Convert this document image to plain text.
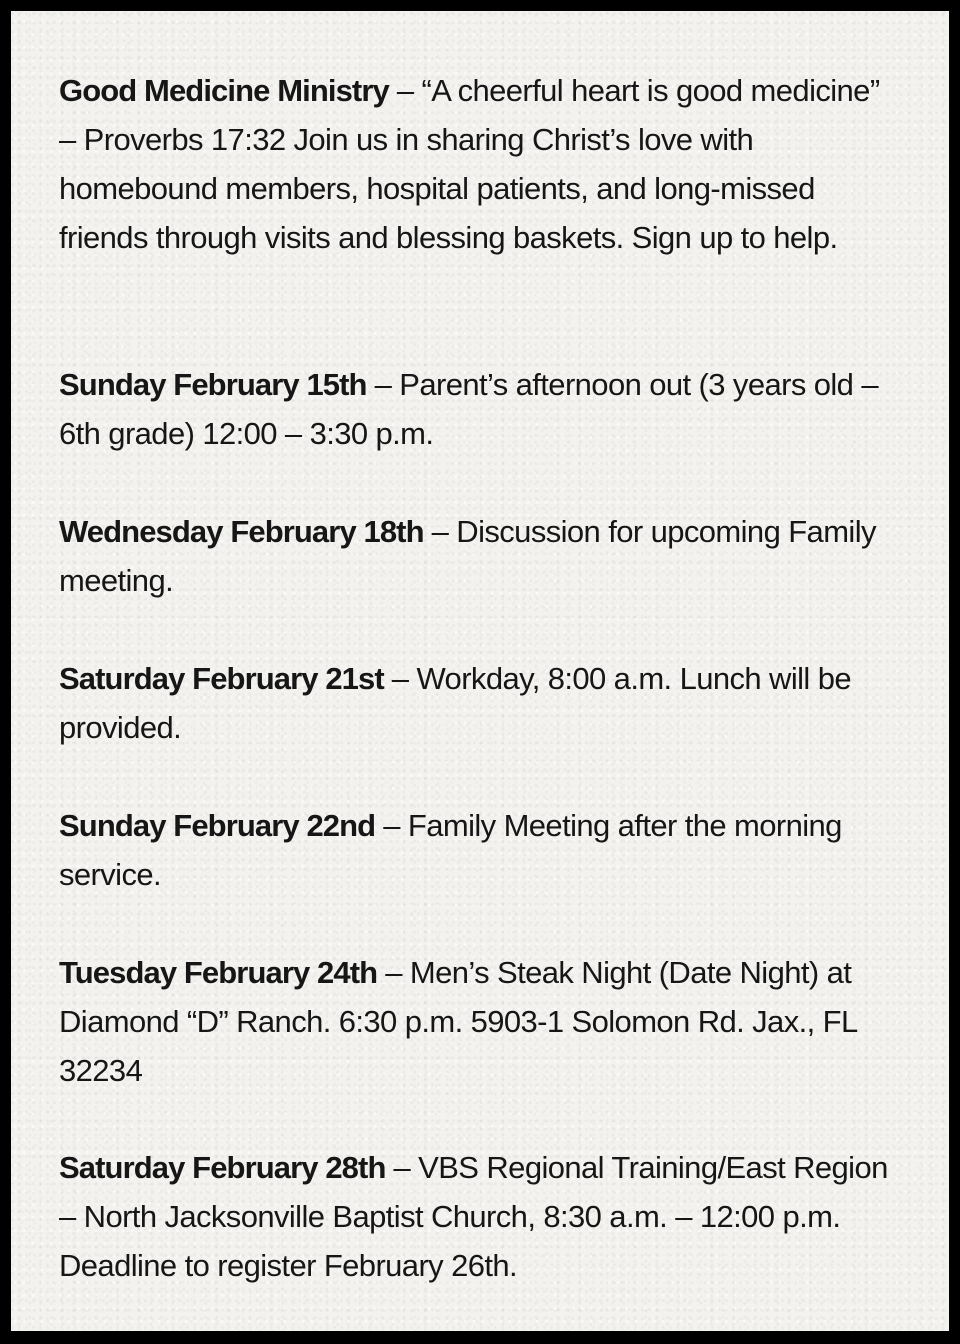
Good Medicine Ministry – “A cheerful heart is good medicine” – Proverbs 17:32 Join us in sharing Christ’s love with homebound members, hospital patients, and long-missed friends through visits and blessing baskets. Sign up to help.

Sunday February 15th – Parent’s afternoon out (3 years old – 6th grade) 12:00 – 3:30 p.m.

Wednesday February 18th – Discussion for upcoming Family meeting.

Saturday February 21st – Workday, 8:00 a.m. Lunch will be provided.

Sunday February 22nd – Family Meeting after the morning service.

Tuesday February 24th – Men’s Steak Night (Date Night) at Diamond “D” Ranch. 6:30 p.m. 5903-1 Solomon Rd. Jax., FL 32234

Saturday February 28th – VBS Regional Training/East Region – North Jacksonville Baptist Church, 8:30 a.m. – 12:00 p.m. Deadline to register February 26th.
